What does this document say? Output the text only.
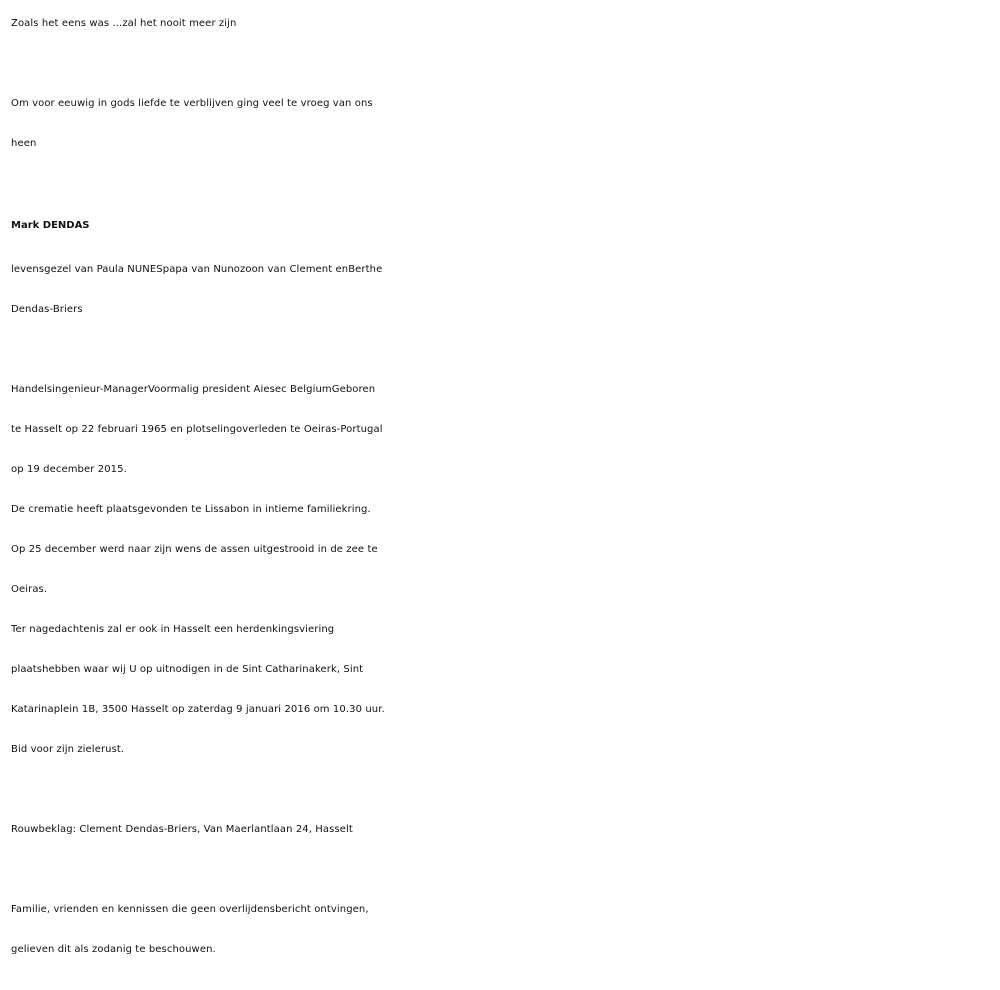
Zoals het eens was ...zal het nooit meer zijn
Om voor eeuwig in gods liefde te verblijven ging veel te vroeg van ons
heen
Mark DENDAS
levensgezel van Paula NUNESpapa van Nunozoon van Clement enBerthe
Dendas-Briers
Handelsingenieur-ManagerVoormalig president Aiesec BelgiumGeboren
te Hasselt op 22 februari 1965 en plotselingoverleden te Oeiras-Portugal
op 19 december 2015.
De crematie heeft plaatsgevonden te Lissabon in intieme familiekring.
Op 25 december werd naar zijn wens de assen uitgestrooid in de zee te
Oeiras.
Ter nagedachtenis zal er ook in Hasselt een herdenkingsviering
plaatshebben waar wij U op uitnodigen in de Sint Catharinakerk, Sint
Katarinaplein 1B, 3500 Hasselt op zaterdag 9 januari 2016 om 10.30 uur.
Bid voor zijn zielerust.
Rouwbeklag: Clement Dendas-Briers, Van Maerlantlaan 24, Hasselt
Familie, vrienden en kennissen die geen overlijdensbericht ontvingen,
gelieven dit als zodanig te beschouwen.
